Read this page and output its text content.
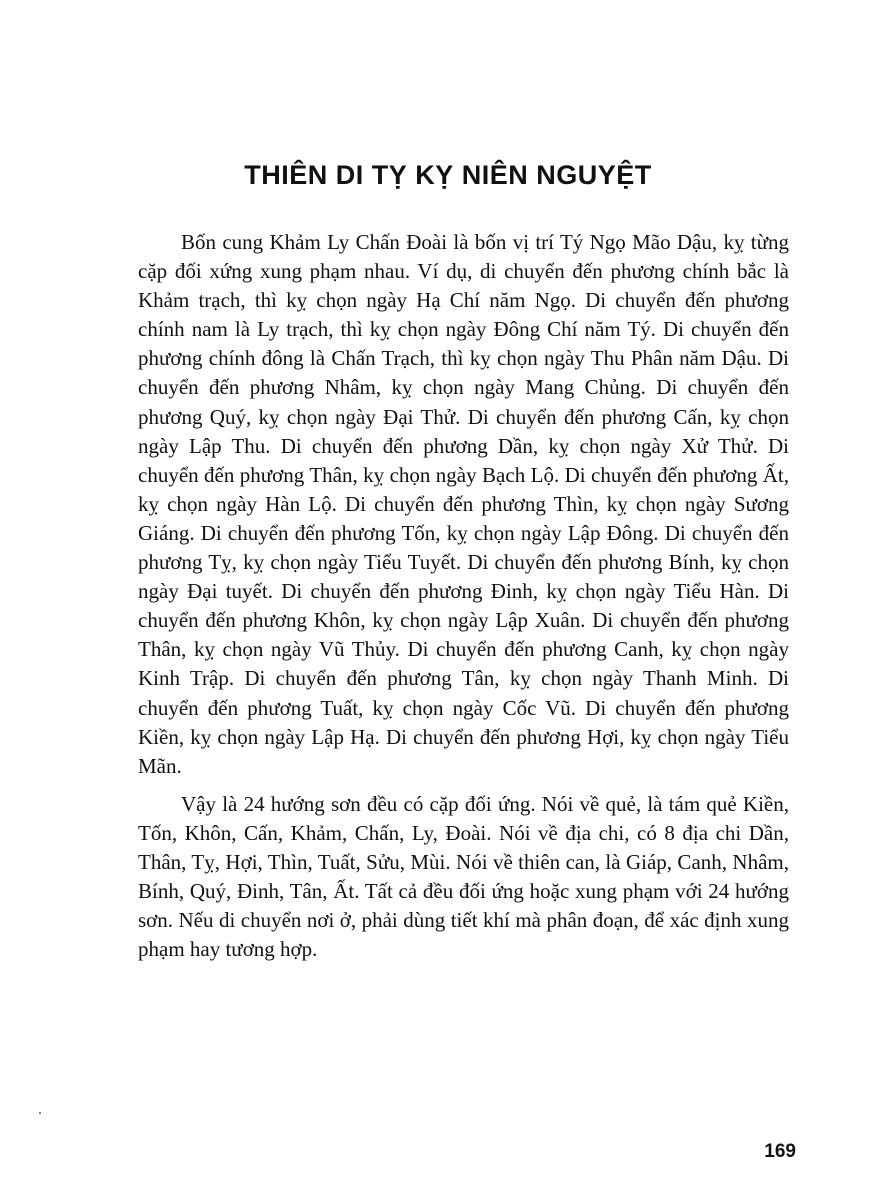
THIÊN DI TỴ KỴ NIÊN NGUYỆT

Bốn cung Khảm Ly Chấn Đoài là bốn vị trí Tý Ngọ Mão Dậu, kỵ từng cặp đối xứng xung phạm nhau. Ví dụ, di chuyển đến phương chính bắc là Khảm trạch, thì kỵ chọn ngày Hạ Chí năm Ngọ. Di chuyển đến phương chính nam là Ly trạch, thì kỵ chọn ngày Đông Chí năm Tý. Di chuyển đến phương chính đông là Chấn Trạch, thì kỵ chọn ngày Thu Phân năm Dậu. Di chuyển đến phương Nhâm, kỵ chọn ngày Mang Chủng. Di chuyển đến phương Quý, kỵ chọn ngày Đại Thử. Di chuyển đến phương Cấn, kỵ chọn ngày Lập Thu. Di chuyển đến phương Dần, kỵ chọn ngày Xử Thử. Di chuyển đến phương Thân, kỵ chọn ngày Bạch Lộ. Di chuyển đến phương Ất, kỵ chọn ngày Hàn Lộ. Di chuyển đến phương Thìn, kỵ chọn ngày Sương Giáng. Di chuyển đến phương Tốn, kỵ chọn ngày Lập Đông. Di chuyển đến phương Tỵ, kỵ chọn ngày Tiểu Tuyết. Di chuyển đến phương Bính, kỵ chọn ngày Đại tuyết. Di chuyển đến phương Đinh, kỵ chọn ngày Tiểu Hàn. Di chuyển đến phương Khôn, kỵ chọn ngày Lập Xuân. Di chuyển đến phương Thân, kỵ chọn ngày Vũ Thủy. Di chuyển đến phương Canh, kỵ chọn ngày Kinh Trập. Di chuyển đến phương Tân, kỵ chọn ngày Thanh Minh. Di chuyển đến phương Tuất, kỵ chọn ngày Cốc Vũ. Di chuyển đến phương Kiền, kỵ chọn ngày Lập Hạ. Di chuyển đến phương Hợi, kỵ chọn ngày Tiểu Mãn.

Vậy là 24 hướng sơn đều có cặp đối ứng. Nói về quẻ, là tám quẻ Kiền, Tốn, Khôn, Cấn, Khảm, Chấn, Ly, Đoài. Nói về địa chi, có 8 địa chi Dần, Thân, Tỵ, Hợi, Thìn, Tuất, Sửu, Mùi. Nói về thiên can, là Giáp, Canh, Nhâm, Bính, Quý, Đinh, Tân, Ất. Tất cả đều đối ứng hoặc xung phạm với 24 hướng sơn. Nếu di chuyển nơi ở, phải dùng tiết khí mà phân đoạn, để xác định xung phạm hay tương hợp.

169
